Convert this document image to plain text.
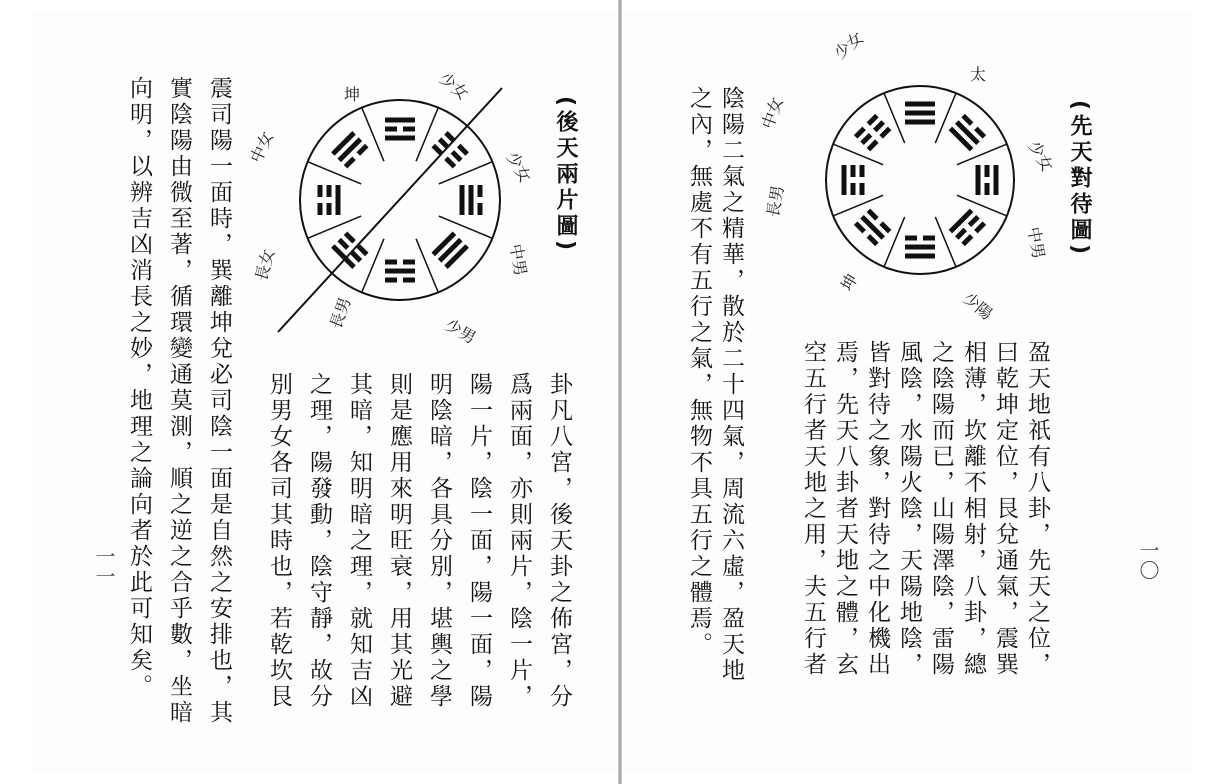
(先天對待圖)
太
少女
中男
少陽
坤
長男
中女
少女
盈天地祇有八卦，先天之位，
曰乾坤定位，艮兌通氣，震巽
相薄，坎離不相射，八卦，總
之陰陽而已，山陽澤陰，雷陽
風陰，水陽火陰，天陽地陰，
皆對待之象，對待之中化機出
焉，先天八卦者天地之體，玄
空五行者天地之用，夫五行者
陰陽二氣之精華，散於二十四氣，周流六虛，盈天地
之內，無處不有五行之氣，無物不具五行之體焉。	一〇
(後天兩片圖)
坤	少女
少女
中男
少男
長男
長女
中女
卦凡八宮，後天卦之佈宮，分
爲兩面，亦則兩片，陰一片，
陽一片，陰一面，陽一面，陽
明陰暗，各具分別，堪輿之學
則是應用來明旺衰，用其光避
其暗，知明暗之理，就知吉凶
之理，陽發動，陰守靜，故分
別男女各司其時也，若乾坎艮
震司陽一面時，巽離坤兌必司陰一面是自然之安排也，其
實陰陽由微至著，循環變通莫測，順之逆之合乎數，坐暗
向明，以辨吉凶消長之妙，地理之論向者於此可知矣。
一一
